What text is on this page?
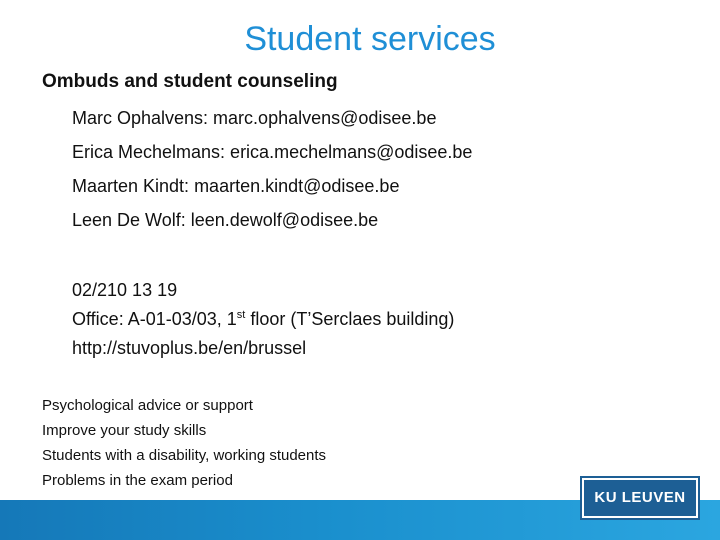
Student services
Ombuds and student counseling
Marc Ophalvens: marc.ophalvens@odisee.be
Erica Mechelmans: erica.mechelmans@odisee.be
Maarten Kindt: maarten.kindt@odisee.be
Leen De Wolf: leen.dewolf@odisee.be
02/210 13 19
Office: A-01-03/03, 1st floor (T’Serclaes building)
http://stuvoplus.be/en/brussel
Psychological advice or support
Improve your study skills
Students with a disability, working students
Problems in the exam period
KU LEUVEN
